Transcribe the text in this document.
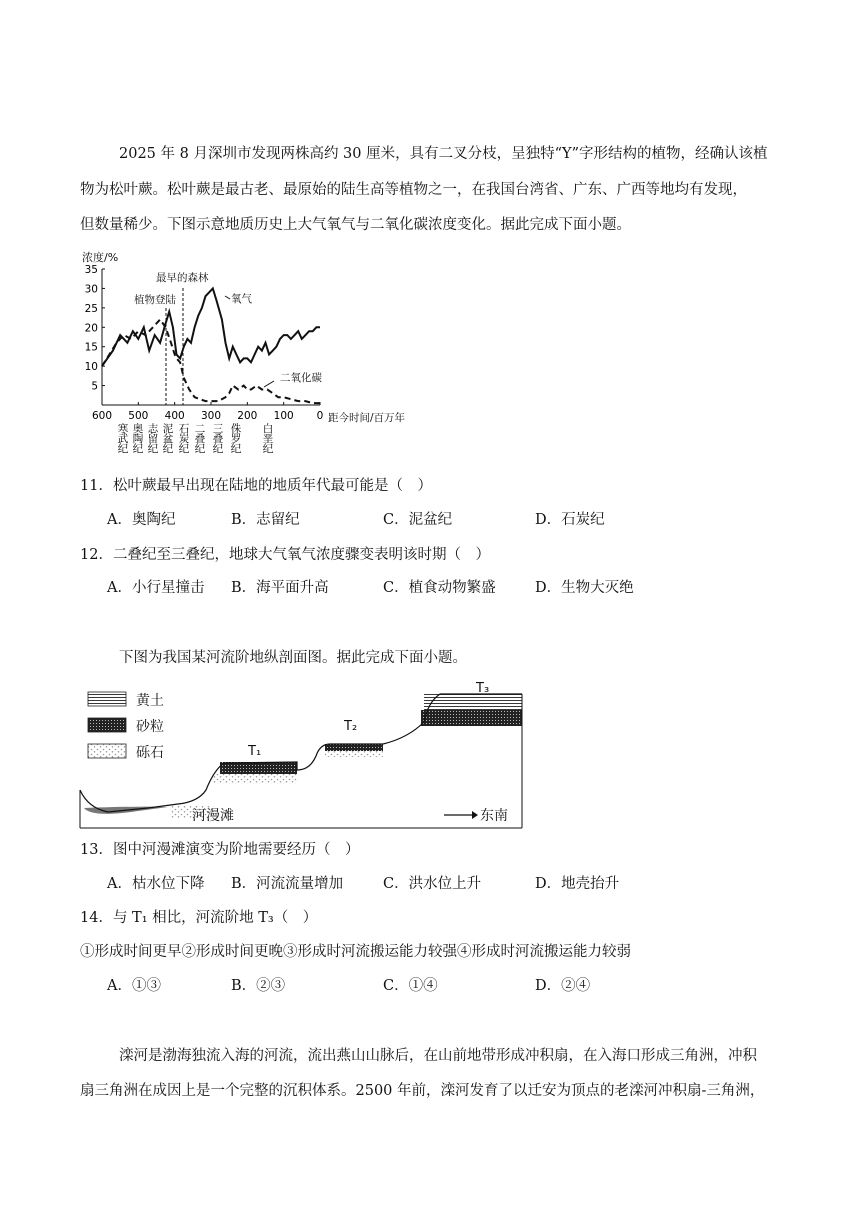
2025 年 8 月深圳市发现两株高约 30 厘米，具有二叉分枝，呈独特“Y”字形结构的植物，经确认该植
物为松叶蕨。松叶蕨是最古老、最原始的陆生高等植物之一，在我国台湾省、广东、广西等地均有发现，
但数量稀少。下图示意地质历史上大气氧气与二氧化碳浓度变化。据此完成下面小题。
浓度/%
5
10
15
20
25
30
35
600 500 400 300 200 100 0
寒武纪
奥陶纪
志留纪
泥盆纪
石炭纪
二叠纪
三叠纪
侏罗纪
白垩纪
植物登陆
最早的森林
氧气
二氧化碳
距今时间/百万年
11．松叶蕨最早出现在陆地的地质年代最可能是（　）
A．奥陶纪	B．志留纪	C．泥盆纪	D．石炭纪
12．二叠纪至三叠纪，地球大气氧气浓度骤变表明该时期（　）
A．小行星撞击 B．海平面升高	C．植食动物繁盛	D．生物大灭绝
下图为我国某河流阶地纵剖面图。据此完成下面小题。
黄土
砂粒
砾石	T₁
T₂
T₃
河漫滩	东南
13．图中河漫滩演变为阶地需要经历（　）
A．枯水位下降 B．河流流量增加	C．洪水位上升	D．地壳抬升
14．与 T₁ 相比，河流阶地 T₃（　）
①形成时间更早②形成时间更晚③形成时河流搬运能力较强④形成时河流搬运能力较弱
A．①③	B．②③	C．①④	D．②④
滦河是渤海独流入海的河流，流出燕山山脉后，在山前地带形成冲积扇，在入海口形成三角洲，冲积
扇三角洲在成因上是一个完整的沉积体系。2500 年前，滦河发育了以迁安为顶点的老滦河冲积扇-三角洲，
